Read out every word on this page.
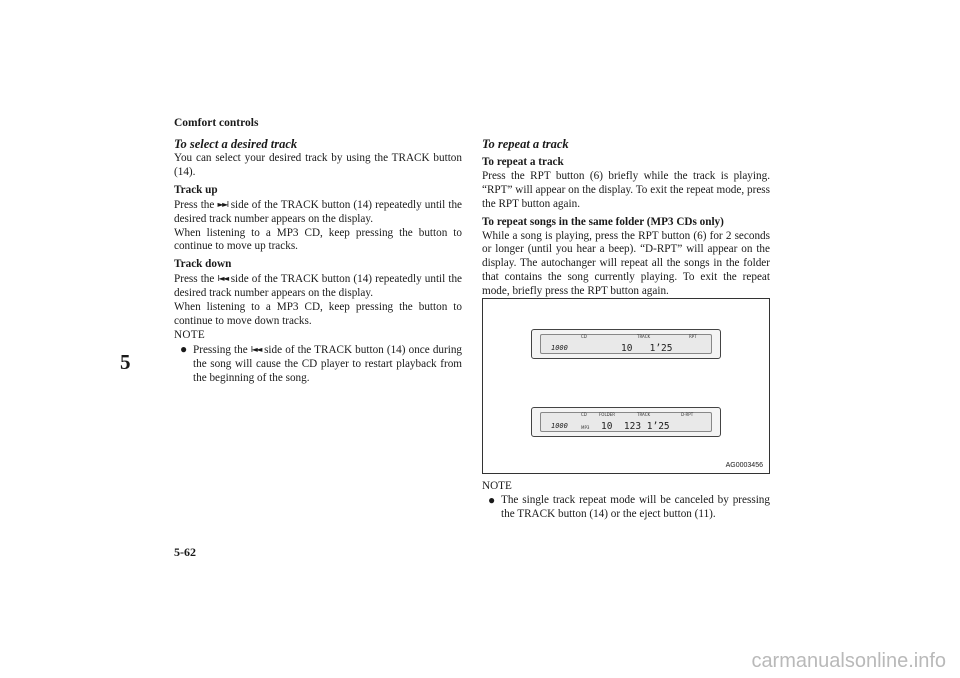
Comfort controls
5
5-62

To select a desired track

You can select your desired track by using the TRACK button (14).

Track up

Press the ►►I side of the TRACK button (14) repeatedly until the desired track number appears on the display.

When listening to a MP3 CD, keep pressing the button to continue to move up tracks.

Track down

Press the I◄◄ side of the TRACK button (14) repeatedly until the desired track number appears on the display.

When listening to a MP3 CD, keep pressing the button to continue to move down tracks.

NOTE

● Pressing the I◄◄ side of the TRACK button (14) once during the song will cause the CD player to restart playback from the beginning of the song.

To repeat a track

To repeat a track

Press the RPT button (6) briefly while the track is playing. “RPT” will appear on the display. To exit the repeat mode, press the RPT button again.

To repeat songs in the same folder (MP3 CDs only)

While a song is playing, press the RPT button (6) for 2 seconds or longer (until you hear a beep). “D-RPT” will appear on the display. The autochanger will repeat all the songs in the folder that contains the song currently playing. To exit the repeat mode, briefly press the RPT button again.

CD	TRACK	RPT
1000	10   1’25
CD	FOLDER	TRACK	D-RPT
1000	MP3 10  123 1’25
AG0003456

NOTE

● The single track repeat mode will be canceled by pressing the TRACK button (14) or the eject button (11).
carmanualsonline.info
